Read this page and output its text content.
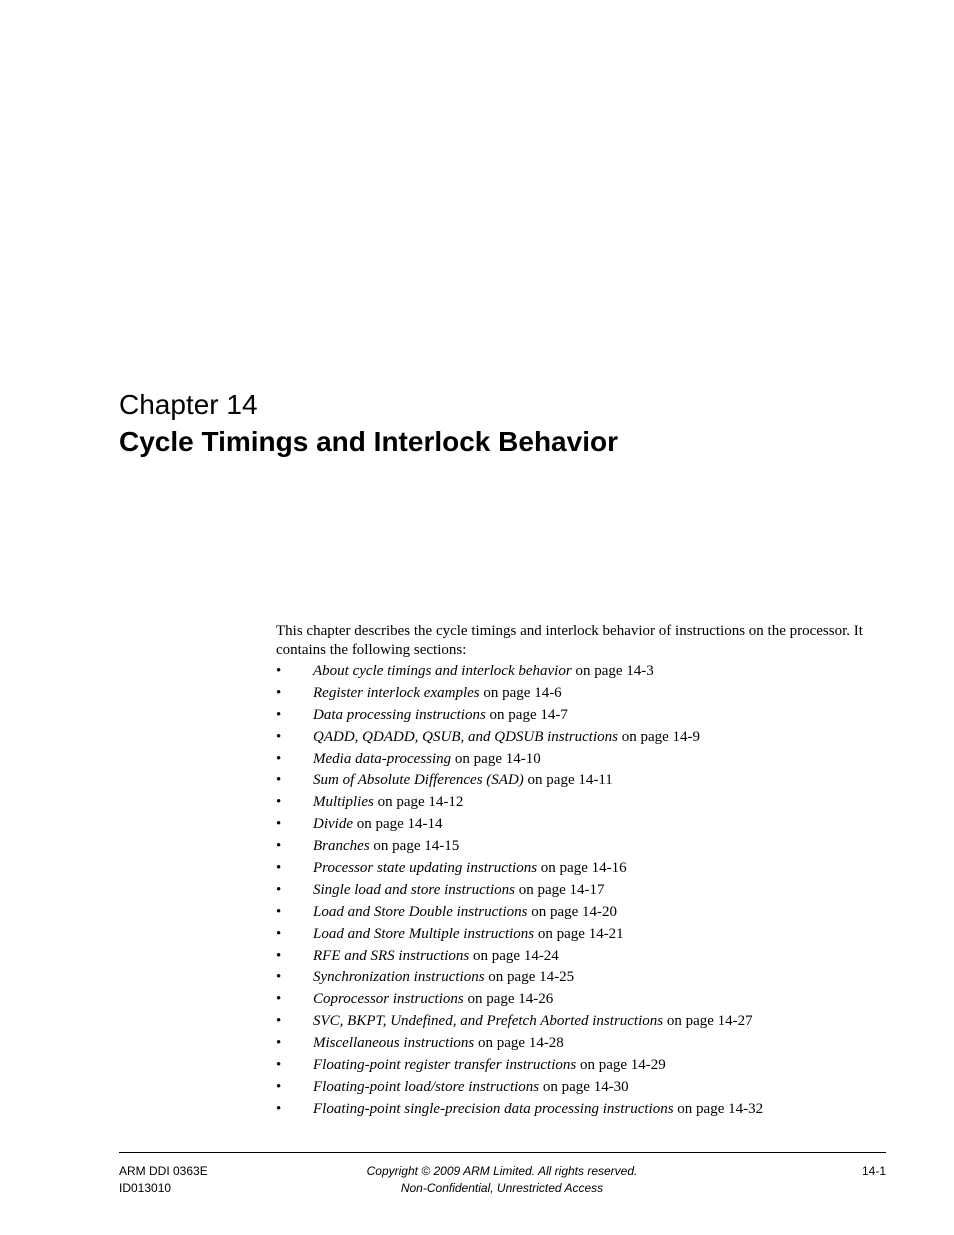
Chapter 14
Cycle Timings and Interlock Behavior

This chapter describes the cycle timings and interlock behavior of instructions on the processor. It contains the following sections:

• About cycle timings and interlock behavior on page 14-3
• Register interlock examples on page 14-6
• Data processing instructions on page 14-7
• QADD, QDADD, QSUB, and QDSUB instructions on page 14-9
• Media data-processing on page 14-10
• Sum of Absolute Differences (SAD) on page 14-11
• Multiplies on page 14-12
• Divide on page 14-14
• Branches on page 14-15
• Processor state updating instructions on page 14-16
• Single load and store instructions on page 14-17
• Load and Store Double instructions on page 14-20
• Load and Store Multiple instructions on page 14-21
• RFE and SRS instructions on page 14-24
• Synchronization instructions on page 14-25
• Coprocessor instructions on page 14-26
• SVC, BKPT, Undefined, and Prefetch Aborted instructions on page 14-27
• Miscellaneous instructions on page 14-28
• Floating-point register transfer instructions on page 14-29
• Floating-point load/store instructions on page 14-30
• Floating-point single-precision data processing instructions on page 14-32
ARM DDI 0363E
ID013010
Copyright © 2009 ARM Limited. All rights reserved.
Non-Confidential, Unrestricted Access
14-1
